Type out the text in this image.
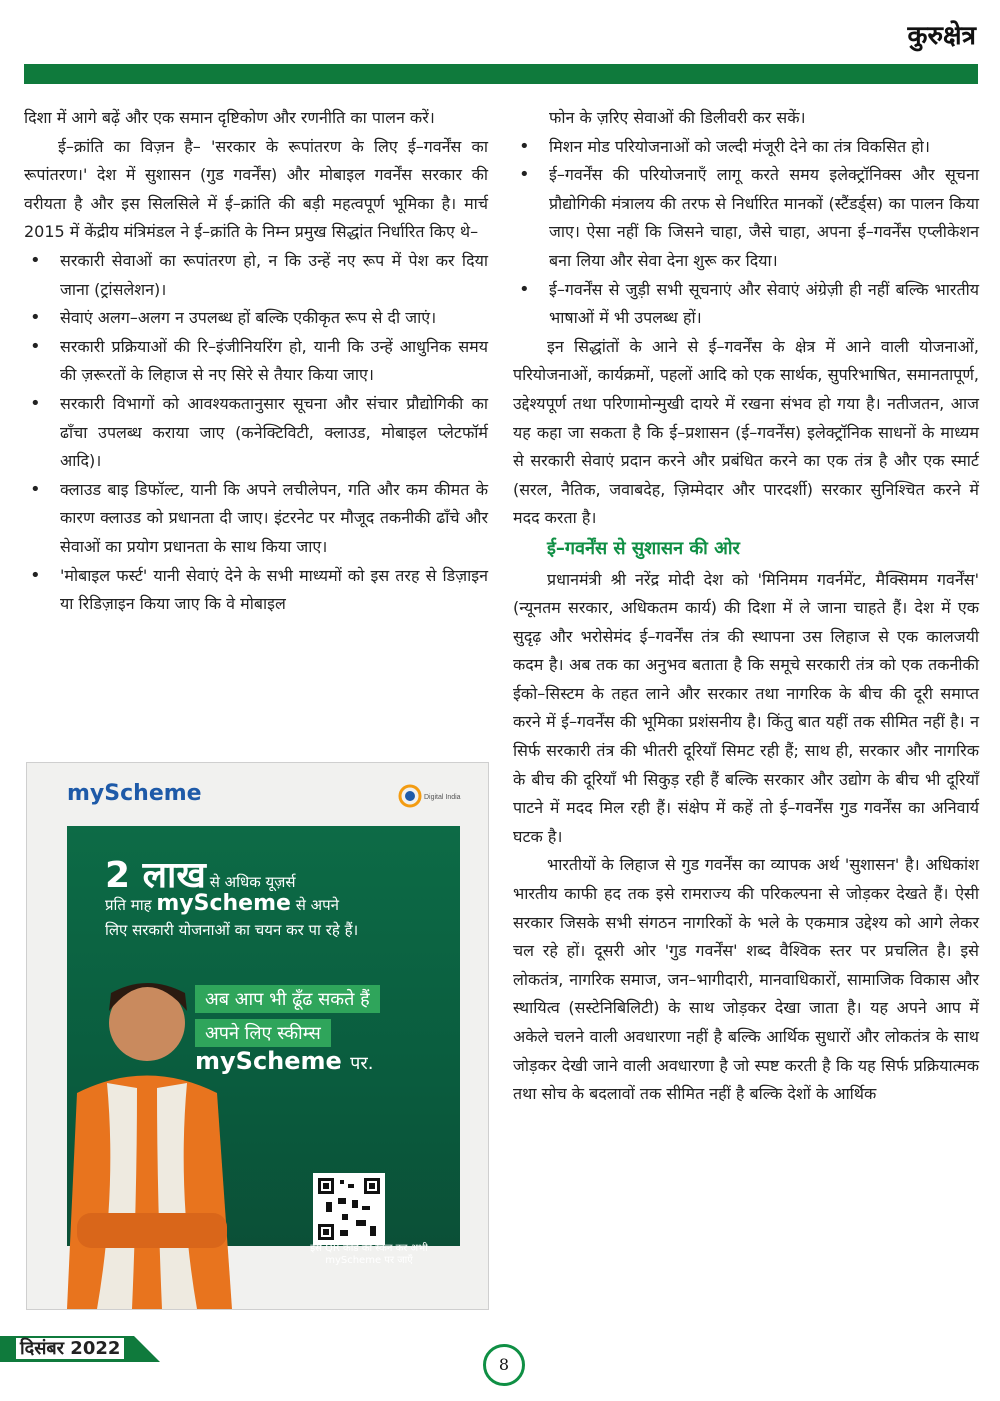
कुरुक्षेत्र

दिशा में आगे बढ़ें और एक समान दृष्टिकोण और रणनीति का पालन करें।

ई–क्रांति का विज़न है– 'सरकार के रूपांतरण के लिए ई–गवर्नेंस का रूपांतरण।' देश में सुशासन (गुड गवर्नेंस) और मोबाइल गवर्नेंस सरकार की वरीयता है और इस सिलसिले में ई–क्रांति की बड़ी महत्वपूर्ण भूमिका है। मार्च 2015 में केंद्रीय मंत्रिमंडल ने ई–क्रांति के निम्न प्रमुख सिद्धांत निर्धारित किए थे–

• सरकारी सेवाओं का रूपांतरण हो, न कि उन्हें नए रूप में पेश कर दिया जाना (ट्रांसलेशन)।
• सेवाएं अलग–अलग न उपलब्ध हों बल्कि एकीकृत रूप से दी जाएं।
• सरकारी प्रक्रियाओं की रि–इंजीनियरिंग हो, यानी कि उन्हें आधुनिक समय की ज़रूरतों के लिहाज से नए सिरे से तैयार किया जाए।
• सरकारी विभागों को आवश्यकतानुसार सूचना और संचार प्रौद्योगिकी का ढाँचा उपलब्ध कराया जाए (कनेक्टिविटी, क्लाउड, मोबाइल प्लेटफॉर्म आदि)।
• क्लाउड बाइ डिफॉल्ट, यानी कि अपने लचीलेपन, गति और कम कीमत के कारण क्लाउड को प्रधानता दी जाए। इंटरनेट पर मौजूद तकनीकी ढाँचे और सेवाओं का प्रयोग प्रधानता के साथ किया जाए।
• 'मोबाइल फर्स्ट' यानी सेवाएं देने के सभी माध्यमों को इस तरह से डिज़ाइन या रिडिज़ाइन किया जाए कि वे मोबाइल
फोन के ज़रिए सेवाओं की डिलीवरी कर सकें।
• मिशन मोड परियोजनाओं को जल्दी मंजूरी देने का तंत्र विकसित हो।
• ई–गवर्नेंस की परियोजनाएँ लागू करते समय इलेक्ट्रॉनिक्स और सूचना प्रौद्योगिकी मंत्रालय की तरफ से निर्धारित मानकों (स्टैंडर्ड्स) का पालन किया जाए। ऐसा नहीं कि जिसने चाहा, जैसे चाहा, अपना ई–गवर्नेंस एप्लीकेशन बना लिया और सेवा देना शुरू कर दिया।
• ई–गवर्नेंस से जुड़ी सभी सूचनाएं और सेवाएं अंग्रेज़ी ही नहीं बल्कि भारतीय भाषाओं में भी उपलब्ध हों।

इन सिद्धांतों के आने से ई–गवर्नेंस के क्षेत्र में आने वाली योजनाओं, परियोजनाओं, कार्यक्रमों, पहलों आदि को एक सार्थक, सुपरिभाषित, समानतापूर्ण, उद्देश्यपूर्ण तथा परिणामोन्मुखी दायरे में रखना संभव हो गया है। नतीजतन, आज यह कहा जा सकता है कि ई–प्रशासन (ई–गवर्नेंस) इलेक्ट्रॉनिक साधनों के माध्यम से सरकारी सेवाएं प्रदान करने और प्रबंधित करने का एक तंत्र है और एक स्मार्ट (सरल, नैतिक, जवाबदेह, ज़िम्मेदार और पारदर्शी) सरकार सुनिश्चित करने में मदद करता है।

ई–गवर्नेंस से सुशासन की ओर

प्रधानमंत्री श्री नरेंद्र मोदी देश को 'मिनिमम गवर्नमेंट, मैक्सिमम गवर्नेंस' (न्यूनतम सरकार, अधिकतम कार्य) की दिशा में ले जाना चाहते हैं। देश में एक सुदृढ़ और भरोसेमंद ई–गवर्नेंस तंत्र की स्थापना उस लिहाज से एक कालजयी कदम है। अब तक का अनुभव बताता है कि समूचे सरकारी तंत्र को एक तकनीकी ईको–सिस्टम के तहत लाने और सरकार तथा नागरिक के बीच की दूरी समाप्त करने में ई–गवर्नेंस की भूमिका प्रशंसनीय है। किंतु बात यहीं तक सीमित नहीं है। न सिर्फ सरकारी तंत्र की भीतरी दूरियाँ सिमट रही हैं; साथ ही, सरकार और नागरिक के बीच की दूरियाँ भी सिकुड़ रही हैं बल्कि सरकार और उद्योग के बीच भी दूरियाँ पाटने में मदद मिल रही हैं। संक्षेप में कहें तो ई–गवर्नेंस गुड गवर्नेंस का अनिवार्य घटक है।

भारतीयों के लिहाज से गुड गवर्नेंस का व्यापक अर्थ 'सुशासन' है। अधिकांश भारतीय काफी हद तक इसे रामराज्य की परिकल्पना से जोड़कर देखते हैं। ऐसी सरकार जिसके सभी संगठन नागरिकों के भले के एकमात्र उद्देश्य को आगे लेकर चल रहे हों। दूसरी ओर 'गुड गवर्नेंस' शब्द वैश्विक स्तर पर प्रचलित है। इसे लोकतंत्र, नागरिक समाज, जन–भागीदारी, मानवाधिकारों, सामाजिक विकास और स्थायित्व (सस्टेनिबिलिटी) के साथ जोड़कर देखा जाता है। यह अपने आप में अकेले चलने वाली अवधारणा नहीं है बल्कि आर्थिक सुधारों और लोकतंत्र के साथ जोड़कर देखी जाने वाली अवधारणा है जो स्पष्ट करती है कि यह सिर्फ प्रक्रियात्मक तथा सोच के बदलावों तक सीमित नहीं है बल्कि देशों के आर्थिक

myScheme	Digital India
2 लाख से अधिक यूज़र्स
प्रति माह myScheme से अपने
लिए सरकारी योजनाओं का चयन कर पा रहे हैं।
अब आप भी ढूँढ सकते हैं
अपने लिए स्कीम्स
myScheme पर.
इस QR कोड को स्कैन कर अभी myScheme पर जाएँ
दिसंबर 2022
8
